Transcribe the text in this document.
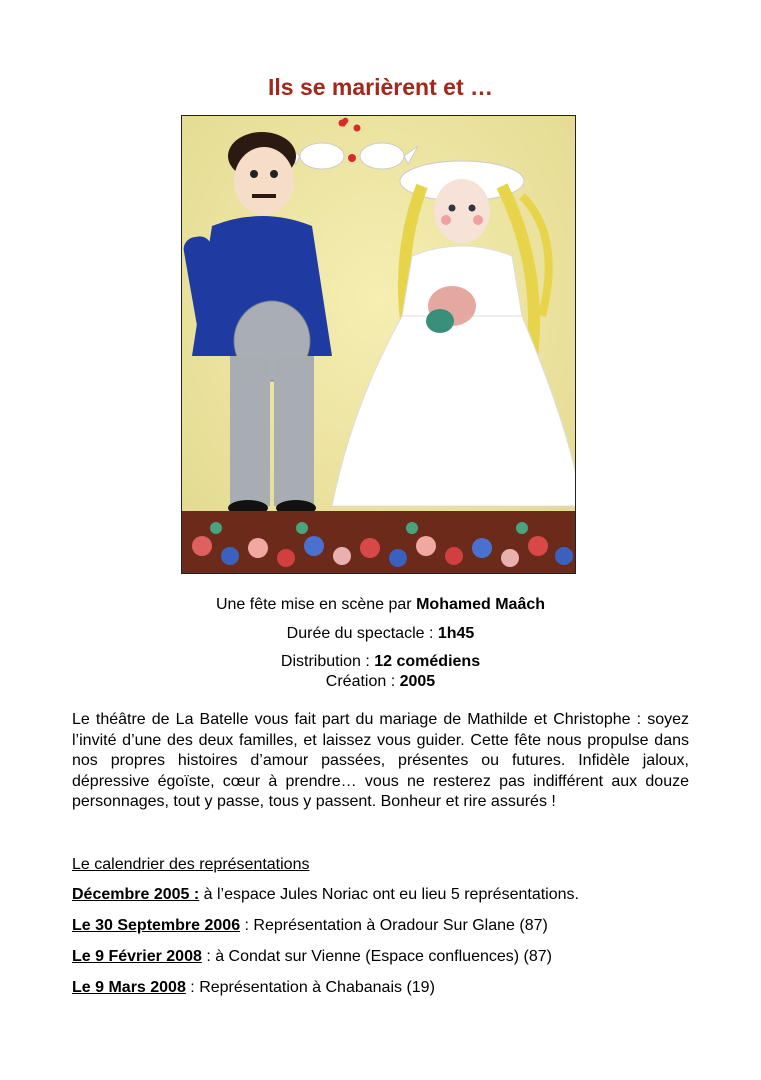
Ils se marièrent et …
Une fête mise en scène par Mohamed Maâch
Durée du spectacle : 1h45
Distribution : 12 comédiens
Création : 2005
Le théâtre de La Batelle vous fait part du mariage de Mathilde et Christophe : soyez l’invité d’une des deux familles, et laissez vous guider. Cette fête nous propulse dans nos propres histoires d’amour passées, présentes ou futures. Infidèle jaloux, dépressive égoïste, cœur à prendre… vous ne resterez pas indifférent aux douze personnages, tout y passe, tous y passent. Bonheur et rire assurés !
Le calendrier des représentations
Décembre 2005 : à l’espace Jules Noriac ont eu lieu 5 représentations.
Le 30 Septembre 2006 : Représentation à Oradour Sur Glane (87)
Le 9 Février 2008 : à Condat sur Vienne (Espace confluences) (87)
Le 9 Mars 2008 : Représentation à Chabanais (19)
